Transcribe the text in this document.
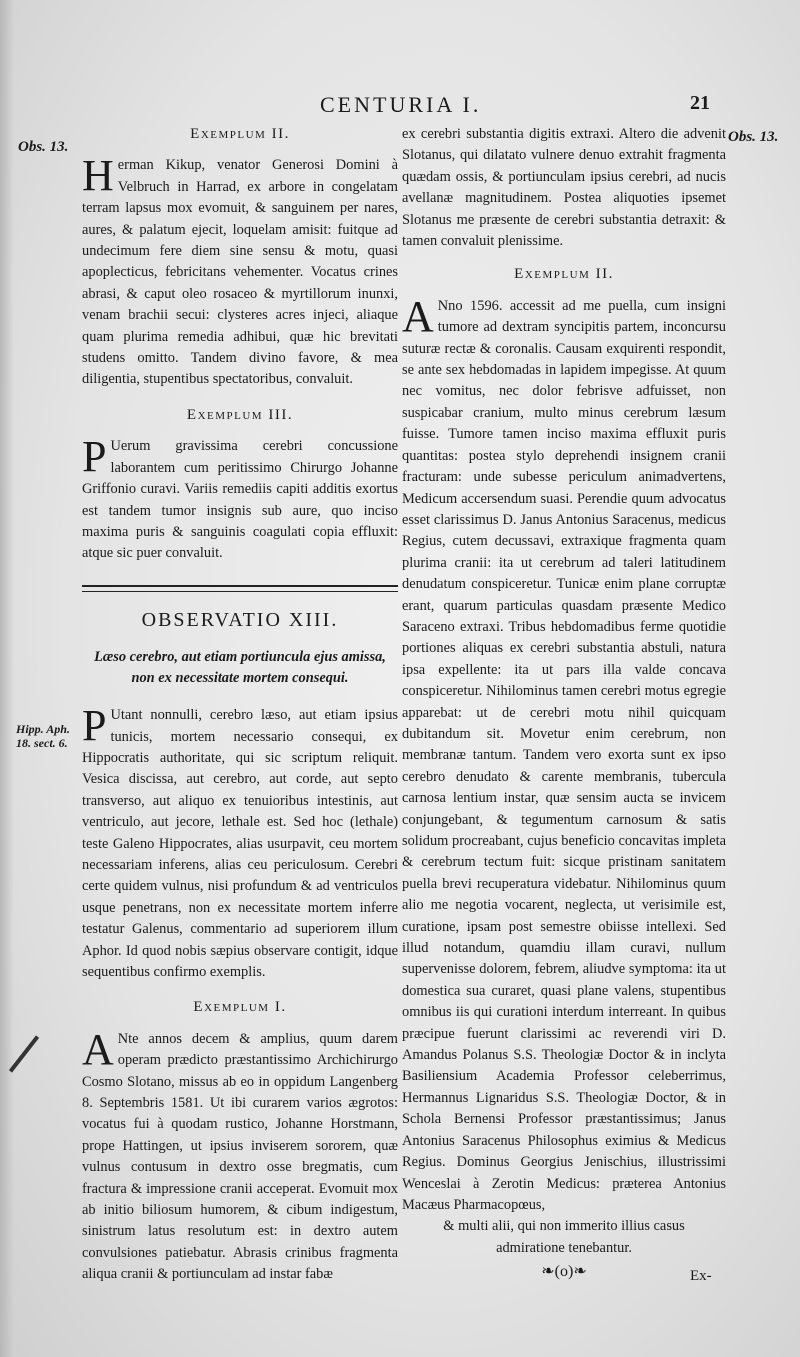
CENTURIA I.	21
Obs. 13.
Obs. 13.
Hipp. Aph. 18. sect. 6.
Exemplum II.

Herman Kikup, venator Generosi Domini à Velbruch in Harrad, ex arbore in congelatam terram lapsus mox evomuit, & sanguinem per nares, aures, & palatum ejecit, loquelam amisit: fuitque ad undecimum fere diem sine sensu & motu, quasi apoplecticus, febricitans vehementer. Vocatus crines abrasi, & caput oleo rosaceo & myrtillorum inunxi, venam brachii secui: clysteres acres injeci, aliaque quam plurima remedia adhibui, quæ hic brevitati studens omitto. Tandem divino favore, & mea diligentia, stupentibus spectatoribus, convaluit.

Exemplum III.

P Uerum gravissima cerebri concussione laborantem cum peritissimo Chirurgo Johanne Griffonio curavi. Variis remediis capiti additis exortus est tandem tumor insignis sub aure, quo inciso maxima puris & sanguinis coagulati copia effluxit: atque sic puer convaluit.

OBSERVATIO XIII.
Læso cerebro, aut etiam portiuncula ejus amissa, non ex necessitate mortem consequi.

P Utant nonnulli, cerebro læso, aut etiam ipsius tunicis, mortem necessario consequi, ex Hippocratis authoritate, qui sic scriptum reliquit. Vesica discissa, aut cerebro, aut corde, aut septo transverso, aut aliquo ex tenuioribus intestinis, aut ventriculo, aut jecore, lethale est. Sed hoc (lethale) teste Galeno Hippocrates, alias usurpavit, ceu mortem necessariam inferens, alias ceu periculosum. Cerebri certe quidem vulnus, nisi profundum & ad ventriculos usque penetrans, non ex necessitate mortem inferre testatur Galenus, commentario ad superiorem illum Aphor. Id quod nobis sæpius observare contigit, idque sequentibus confirmo exemplis.

Exemplum I.

A Nte annos decem & amplius, quum darem operam prædicto præstantissimo Archichirurgo Cosmo Slotano, missus ab eo in oppidum Langenberg 8. Septembris 1581. Ut ibi curarem varios ægrotos: vocatus fui à quodam rustico, Johanne Horstmann, prope Hattingen, ut ipsius inviserem sororem, quæ vulnus contusum in dextro osse bregmatis, cum fractura & impressione cranii acceperat. Evomuit mox ab initio biliosum humorem, & cibum indigestum, sinistrum latus resolutum est: in dextro autem convulsiones patiebatur. Abrasis crinibus fragmenta aliqua cranii & portiunculam ad instar fabæ

ex cerebri substantia digitis extraxi. Altero die advenit Slotanus, qui dilatato vulnere denuo extrahit fragmenta quædam ossis, & portiunculam ipsius cerebri, ad nucis avellanæ magnitudinem. Postea aliquoties ipsemet Slotanus me præsente de cerebri substantia detraxit: & tamen convaluit plenissime.

Exemplum II.

A Nno 1596. accessit ad me puella, cum insigni tumore ad dextram syncipitis partem, inconcursu suturæ rectæ & coronalis. Causam exquirenti respondit, se ante sex hebdomadas in lapidem impegisse. At quum nec vomitus, nec dolor febrisve adfuisset, non suspicabar cranium, multo minus cerebrum læsum fuisse. Tumore tamen inciso maxima effluxit puris quantitas: postea stylo deprehendi insignem cranii fracturam: unde subesse periculum animadvertens, Medicum accersendum suasi. Perendie quum advocatus esset clarissimus D. Janus Antonius Saracenus, medicus Regius, cutem decussavi, extraxique fragmenta quam plurima cranii: ita ut cerebrum ad taleri latitudinem denudatum conspiceretur. Tunicæ enim plane corruptæ erant, quarum particulas quasdam præsente Medico Saraceno extraxi. Tribus hebdomadibus ferme quotidie portiones aliquas ex cerebri substantia abstuli, natura ipsa expellente: ita ut pars illa valde concava conspiceretur. Nihilominus tamen cerebri motus egregie apparebat: ut de cerebri motu nihil quicquam dubitandum sit. Movetur enim cerebrum, non membranæ tantum. Tandem vero exorta sunt ex ipso cerebro denudato & carente membranis, tubercula carnosa lentium instar, quæ sensim aucta se invicem conjungebant, & tegumentum carnosum & satis solidum procreabant, cujus beneficio concavitas impleta & cerebrum tectum fuit: sicque pristinam sanitatem puella brevi recuperatura videbatur. Nihilominus quum alio me negotia vocarent, neglecta, ut verisimile est, curatione, ipsam post semestre obiisse intellexi. Sed illud notandum, quamdiu illam curavi, nullum supervenisse dolorem, febrem, aliudve symptoma: ita ut domestica sua curaret, quasi plane valens, stupentibus omnibus iis qui curationi interdum interreant. In quibus præcipue fuerunt clarissimi ac reverendi viri D. Amandus Polanus S.S. Theologiæ Doctor & in inclyta Basiliensium Academia Professor celeberrimus, Hermannus Lignaridus S.S. Theologiæ Doctor, & in Schola Bernensi Professor præstantissimus; Janus Antonius Saracenus Philosophus eximius & Medicus Regius. Dominus Georgius Jenischius, illustrissimi Wenceslai à Zerotin Medicus: præterea Antonius Macæus Pharmacopœus,

& multi alii, qui non immerito illius casus admiratione tenebantur.

❧(o)❧	Ex-
